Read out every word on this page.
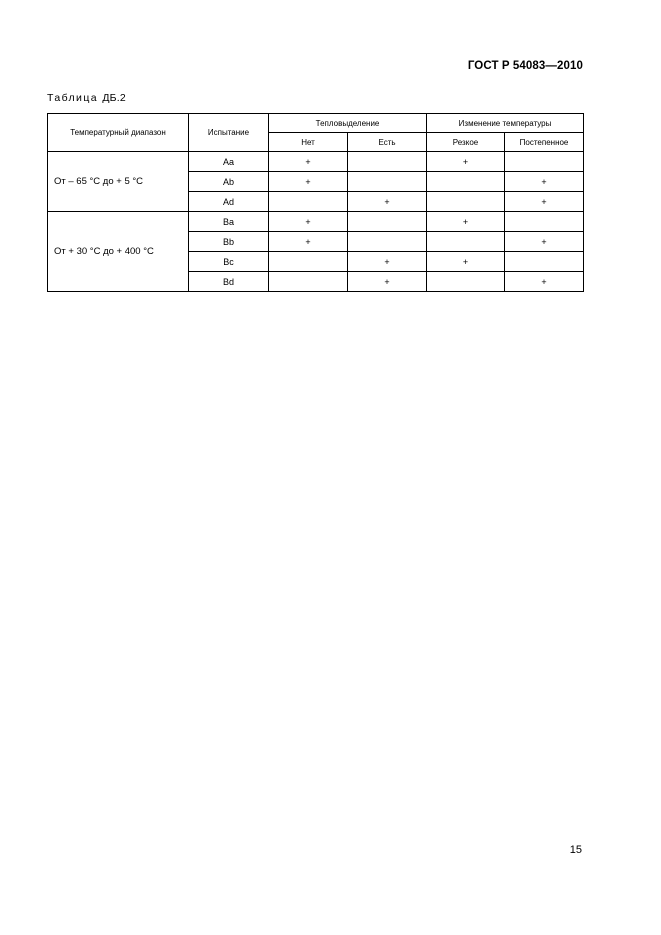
ГОСТ Р 54083—2010
Таблица ДБ.2
Температурный диапазон	Испытание	Тепловыделение		Изменение температуры	
		Нет	Есть	Резкое	Постепенное
От – 65 °С до + 5 °С	Aa	+		+	
	Ab	+			+
	Ad		+		+
От + 30 °С до + 400 °С	Ba	+		+	
	Bb	+			+
	Bc		+	+	
	Bd		+		+
15
